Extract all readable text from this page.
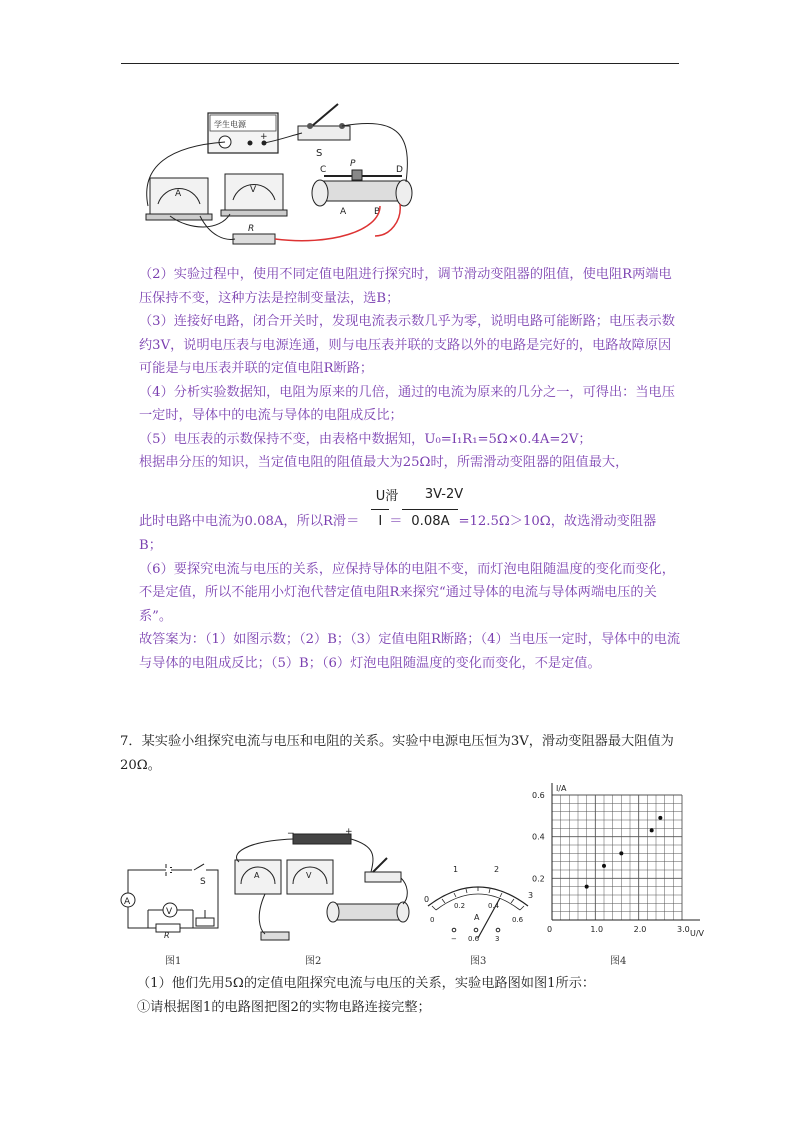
学生电源
+
S
A	V
C
P
D
A	B
R

（2）实验过程中，使用不同定值电阻进行探究时，调节滑动变阻器的阻值，使电阻R两端电压保持不变，这种方法是控制变量法，选B；

（3）连接好电路，闭合开关时，发现电流表示数几乎为零，说明电路可能断路；电压表示数约3V，说明电压表与电源连通，则与电压表并联的支路以外的电路是完好的，电路故障原因可能是与电压表并联的定值电阻R断路；

（4）分析实验数据知，电阻为原来的几倍，通过的电流为原来的几分之一，可得出：当电压一定时，导体中的电流与导体的电阻成反比；

（5）电压表的示数保持不变，由表格中数据知，U₀=I₁R₁=5Ω×0.4A=2V；

根据串分压的知识，当定值电阻的阻值最大为25Ω时，所需滑动变阻器的阻值最大，

U滑	3V-2V
此时电路中电流为0.08A，所以R滑＝ I ＝ 0.08A =12.5Ω＞10Ω，故选滑动变阻器

B；

（6）要探究电流与电压的关系，应保持导体的电阻不变，而灯泡电阻随温度的变化而变化，不是定值，所以不能用小灯泡代替定值电阻R来探究“通过导体的电流与导体两端电压的关系”。

故答案为：（1）如图示数；（2）B；（3）定值电阻R断路；（4）当电压一定时，导体中的电流与导体的电阻成反比；（5）B；（6）灯泡电阻随温度的变化而变化，不是定值。

7．某实验小组探究电流与电压和电阻的关系。实验中电源电压恒为3V，滑动变阻器最大阻值为20Ω。

S
A
V
R
图1
−	+
A	V
图2
0
1	2
3
0
0.2	0.4
0.6
A
− 0.6 3
图3
U/V
I/A
0	1.0	2.0	3.0
0.2
0.4
0.6
图4

（1）他们先用5Ω的定值电阻探究电流与电压的关系，实验电路图如图1所示：

①请根据图1的电路图把图2的实物电路连接完整；
